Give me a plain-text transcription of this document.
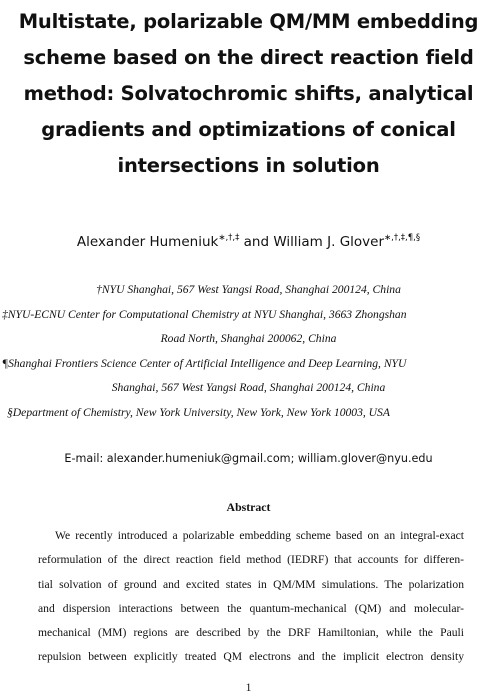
Multistate, polarizable QM/MM embedding
scheme based on the direct reaction field
method: Solvatochromic shifts, analytical
gradients and optimizations of conical
intersections in solution
Alexander Humeniuk∗,†,‡ and William J. Glover∗,†,‡,¶,§
†NYU Shanghai, 567 West Yangsi Road, Shanghai 200124, China
‡NYU-ECNU Center for Computational Chemistry at NYU Shanghai, 3663 Zhongshan
Road North, Shanghai 200062, China
¶Shanghai Frontiers Science Center of Artificial Intelligence and Deep Learning, NYU
Shanghai, 567 West Yangsi Road, Shanghai 200124, China
§Department of Chemistry, New York University, New York, New York 10003, USA
E-mail: alexander.humeniuk@gmail.com; william.glover@nyu.edu
Abstract
We recently introduced a polarizable embedding scheme based on an integral-exact
reformulation of the direct reaction field method (IEDRF) that accounts for differen-
tial solvation of ground and excited states in QM/MM simulations. The polarization
and dispersion interactions between the quantum-mechanical (QM) and molecular-
mechanical (MM) regions are described by the DRF Hamiltonian, while the Pauli
repulsion between explicitly treated QM electrons and the implicit electron density
1
